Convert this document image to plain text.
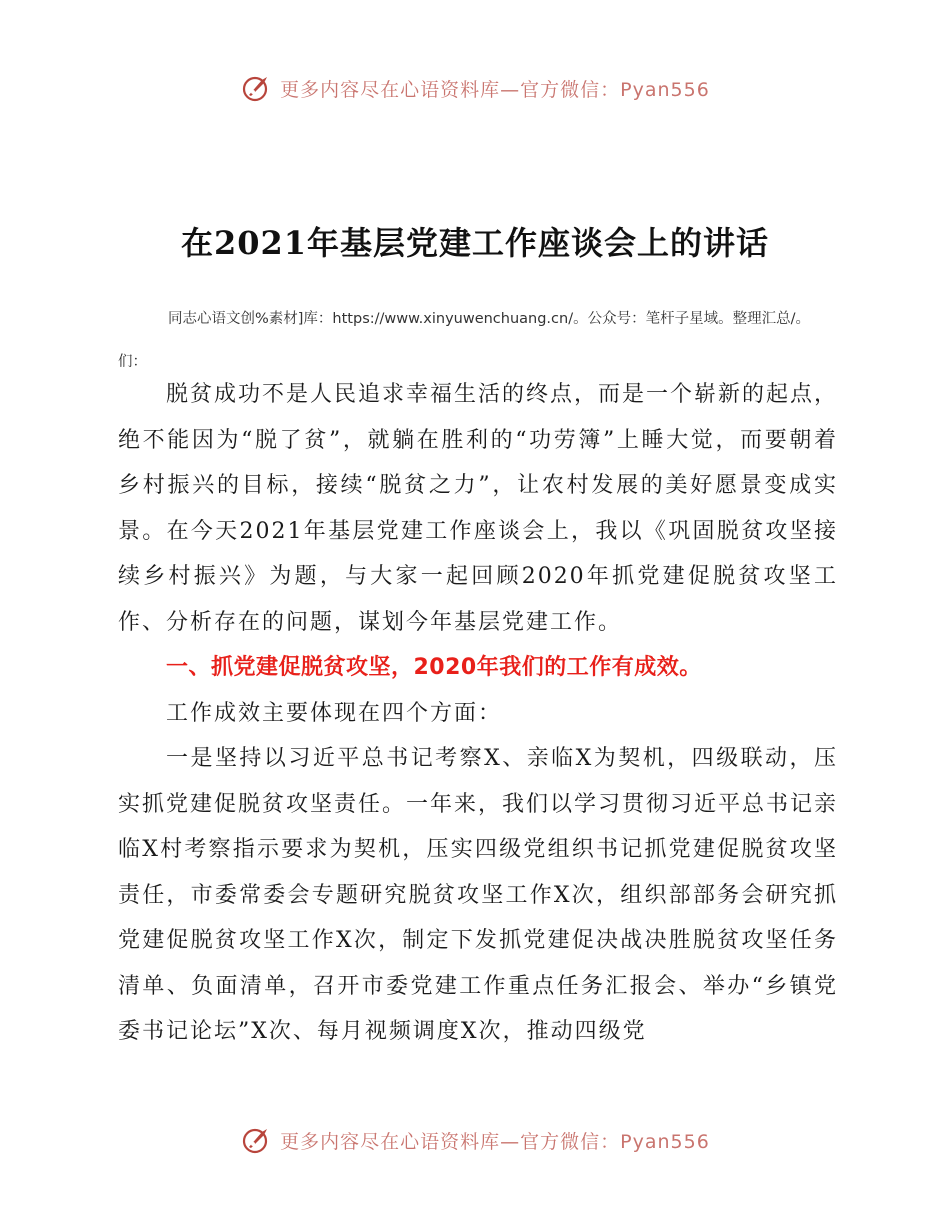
更多内容尽在心语资料库—官方微信：Pyan556
在2021年基层党建工作座谈会上的讲话
同志心语文创%素材]库：https://www.xinyuwenchuang.cn/。公众号：笔杆子星域。整理汇总/。们：

脱贫成功不是人民追求幸福生活的终点，而是一个崭新的起点，绝不能因为“脱了贫”，就躺在胜利的“功劳簿”上睡大觉，而要朝着乡村振兴的目标，接续“脱贫之力”，让农村发展的美好愿景变成实景。在今天2021年基层党建工作座谈会上，我以《巩固脱贫攻坚接续乡村振兴》为题，与大家一起回顾2020年抓党建促脱贫攻坚工作、分析存在的问题，谋划今年基层党建工作。

一、抓党建促脱贫攻坚，2020年我们的工作有成效。

工作成效主要体现在四个方面：

一是坚持以习近平总书记考察X、亲临X为契机，四级联动，压实抓党建促脱贫攻坚责任。一年来，我们以学习贯彻习近平总书记亲临X村考察指示要求为契机，压实四级党组织书记抓党建促脱贫攻坚责任，市委常委会专题研究脱贫攻坚工作X次，组织部部务会研究抓党建促脱贫攻坚工作X次，制定下发抓党建促决战决胜脱贫攻坚任务清单、负面清单，召开市委党建工作重点任务汇报会、举办“乡镇党委书记论坛”X次、每月视频调度X次，推动四级党

更多内容尽在心语资料库—官方微信：Pyan556
